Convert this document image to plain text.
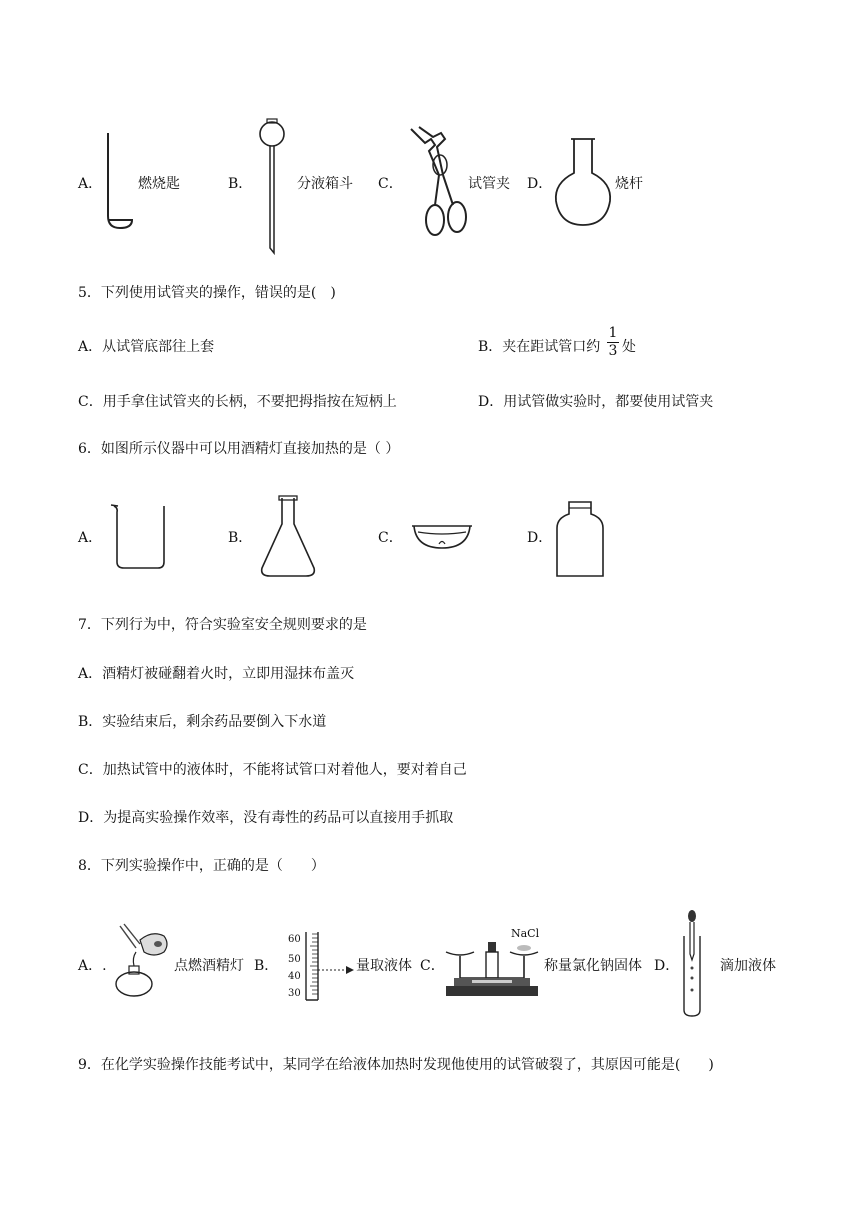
A．	燃烧匙	B．	分液箱斗 C．	试管夹 D．	烧杆
5．下列使用试管夹的操作，错误的是(　)
A．从试管底部往上套	B．夹在距试管口约
1
3 处
C．用手拿住试管夹的长柄，不要把拇指按在短柄上	D．用试管做实验时，都要使用试管夹
6．如图所示仪器中可以用酒精灯直接加热的是（ ）
A．	B．	C．	D．
7．下列行为中，符合实验室安全规则要求的是
A．酒精灯被碰翻着火时，立即用湿抹布盖灭
B．实验结束后，剩余药品要倒入下水道
C．加热试管中的液体时，不能将试管口对着他人，要对着自己
D．为提高实验操作效率，没有毒性的药品可以直接用手抓取
8．下列实验操作中，正确的是（　　）
A．.	点燃酒精灯 B．
60
50
40
30
量取液体 C．
NaCl
称量氯化钠固体 D．	滴加液体
9．在化学实验操作技能考试中，某同学在给液体加热时发现他使用的试管破裂了，其原因可能是(　　)
